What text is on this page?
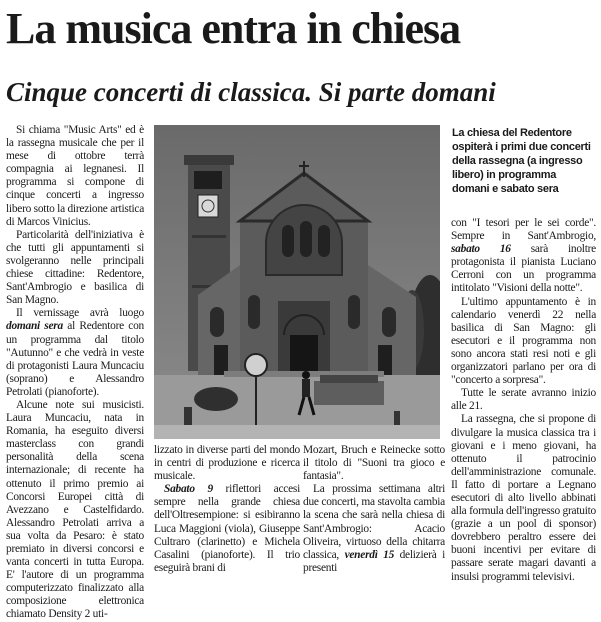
La musica entra in chiesa
Cinque concerti di classica. Si parte domani

Si chiama "Music Arts" ed è la rassegna musicale che per il mese di ottobre terrà compagnia ai legnanesi. Il programma si compone di cinque concerti a ingresso libero sotto la direzione artistica di Marcos Vinicius.

Particolarità dell'iniziativa è che tutti gli appuntamenti si svolgeranno nelle principali chiese cittadine: Redentore, Sant'Ambrogio e basilica di San Magno.

Il vernissage avrà luogo domani sera al Redentore con un programma dal titolo "Autunno" e che vedrà in veste di protagonisti Laura Muncaciu (soprano) e Alessandro Petrolati (pianoforte).

Alcune note sui musicisti. Laura Muncaciu, nata in Romania, ha eseguito diversi masterclass con grandi personalità della scena internazionale; di recente ha ottenuto il primo premio ai Concorsi Europei città di Avezzano e Castelfidardo. Alessandro Petrolati arriva a sua volta da Pesaro: è stato premiato in diversi concorsi e vanta concerti in tutta Europa. E' l'autore di un programma computerizzato finalizzato alla composizione elettronica chiamato Density 2 uti-

La chiesa del Redentore ospiterà i primi due concerti della rassegna (a ingresso libero) in programma domani e sabato sera

lizzato in diverse parti del mondo in centri di produzione e ricerca musicale.

Sabato 9 riflettori accesi sempre nella grande chiesa dell'Oltresempione: si esibiranno Luca Maggioni (viola), Giuseppe Cultraro (clarinetto) e Michela Casalini (pianoforte). Il trio eseguirà brani di

Mozart, Bruch e Reinecke sotto il titolo di "Suoni tra gioco e fantasia".

La prossima settimana altri due concerti, ma stavolta cambia la scena che sarà nella chiesa di Sant'Ambrogio: Acacio Oliveira, virtuoso della chitarra classica, venerdì 15 delizierà i presenti

con "I tesori per le sei corde". Sempre in Sant'Ambrogio, sabato 16 sarà inoltre protagonista il pianista Luciano Cerroni con un programma intitolato "Visioni della notte".

L'ultimo appuntamento è in calendario venerdì 22 nella basilica di San Magno: gli esecutori e il programma non sono ancora stati resi noti e gli organizzatori parlano per ora di "concerto a sorpresa".

Tutte le serate avranno inizio alle 21.

La rassegna, che si propone di divulgare la musica classica tra i giovani e i meno giovani, ha ottenuto il patrocinio dell'amministrazione comunale. Il fatto di portare a Legnano esecutori di alto livello abbinati alla formula dell'ingresso gratuito (grazie a un pool di sponsor) dovrebbero peraltro essere dei buoni incentivi per evitare di passare serate magari davanti a insulsi programmi televisivi.
